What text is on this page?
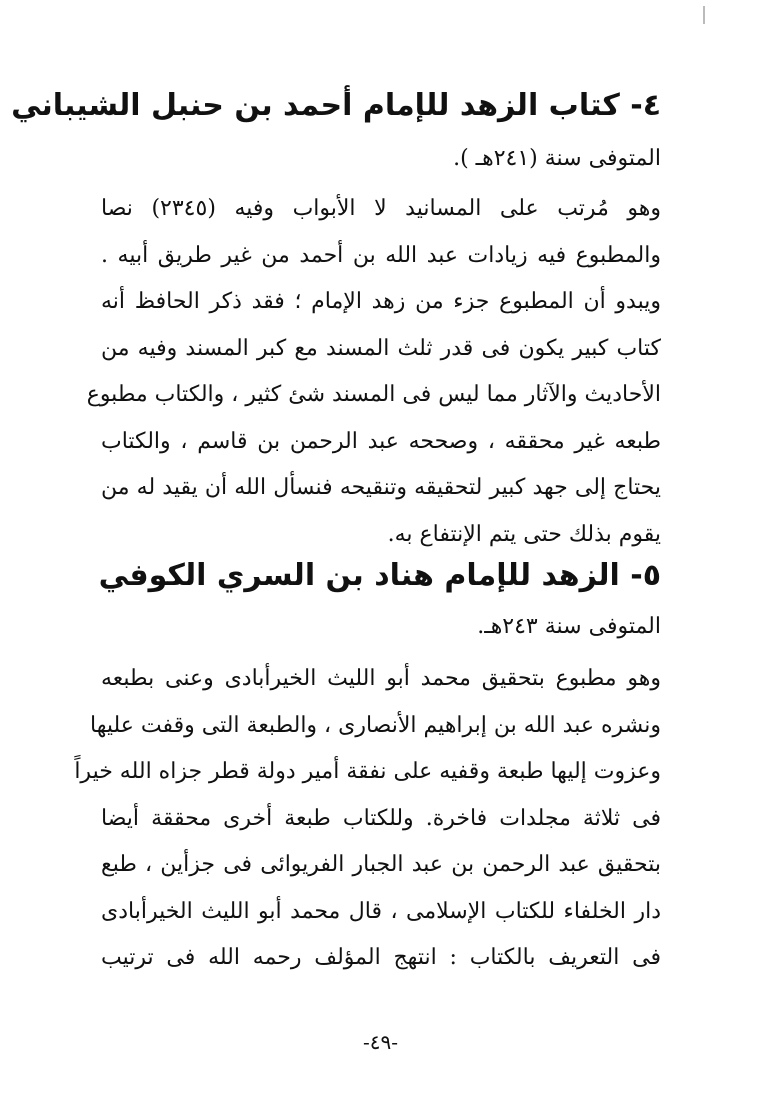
٤- كتاب الزهد للإمام أحمد بن حنبل الشيباني
المتوفى سنة (٢٤١هـ ).
وهو مُرتب على المسانيد لا الأبواب وفيه (٢٣٤٥) نصا
والمطبوع فيه زيادات عبد الله بن أحمد من غير طريق أبيه .
ويبدو أن المطبوع جزء من زهد الإمام ؛ فقد ذكر الحافظ أنه
كتاب كبير يكون فى قدر ثلث المسند مع كبر المسند وفيه من
الأحاديث والآثار مما ليس فى المسند شئ كثير ، والكتاب مطبوع
طبعه غير محققه ، وصححه عبد الرحمن بن قاسم ، والكتاب
يحتاج إلى جهد كبير لتحقيقه وتنقيحه فنسأل الله أن يقيد له من
يقوم بذلك حتى يتم الإنتفاع به.
٥- الزهد للإمام هناد بن السري الكوفي
المتوفى سنة ٢٤٣هـ.
وهو مطبوع بتحقيق محمد أبو الليث الخيرأبادى وعنى بطبعه
ونشره عبد الله بن إبراهيم الأنصارى ، والطبعة التى وقفت عليها
وعزوت إليها طبعة وقفيه على نفقة أمير دولة قطر جزاه الله خيراً
فى ثلاثة مجلدات فاخرة. وللكتاب طبعة أخرى محققة أيضا
بتحقيق عبد الرحمن بن عبد الجبار الفريوائى فى جزأين ، طبع
دار الخلفاء للكتاب الإسلامى ، قال محمد أبو الليث الخيرأبادى
فى التعريف بالكتاب : انتهج المؤلف رحمه الله فى ترتيب
-٤٩-
